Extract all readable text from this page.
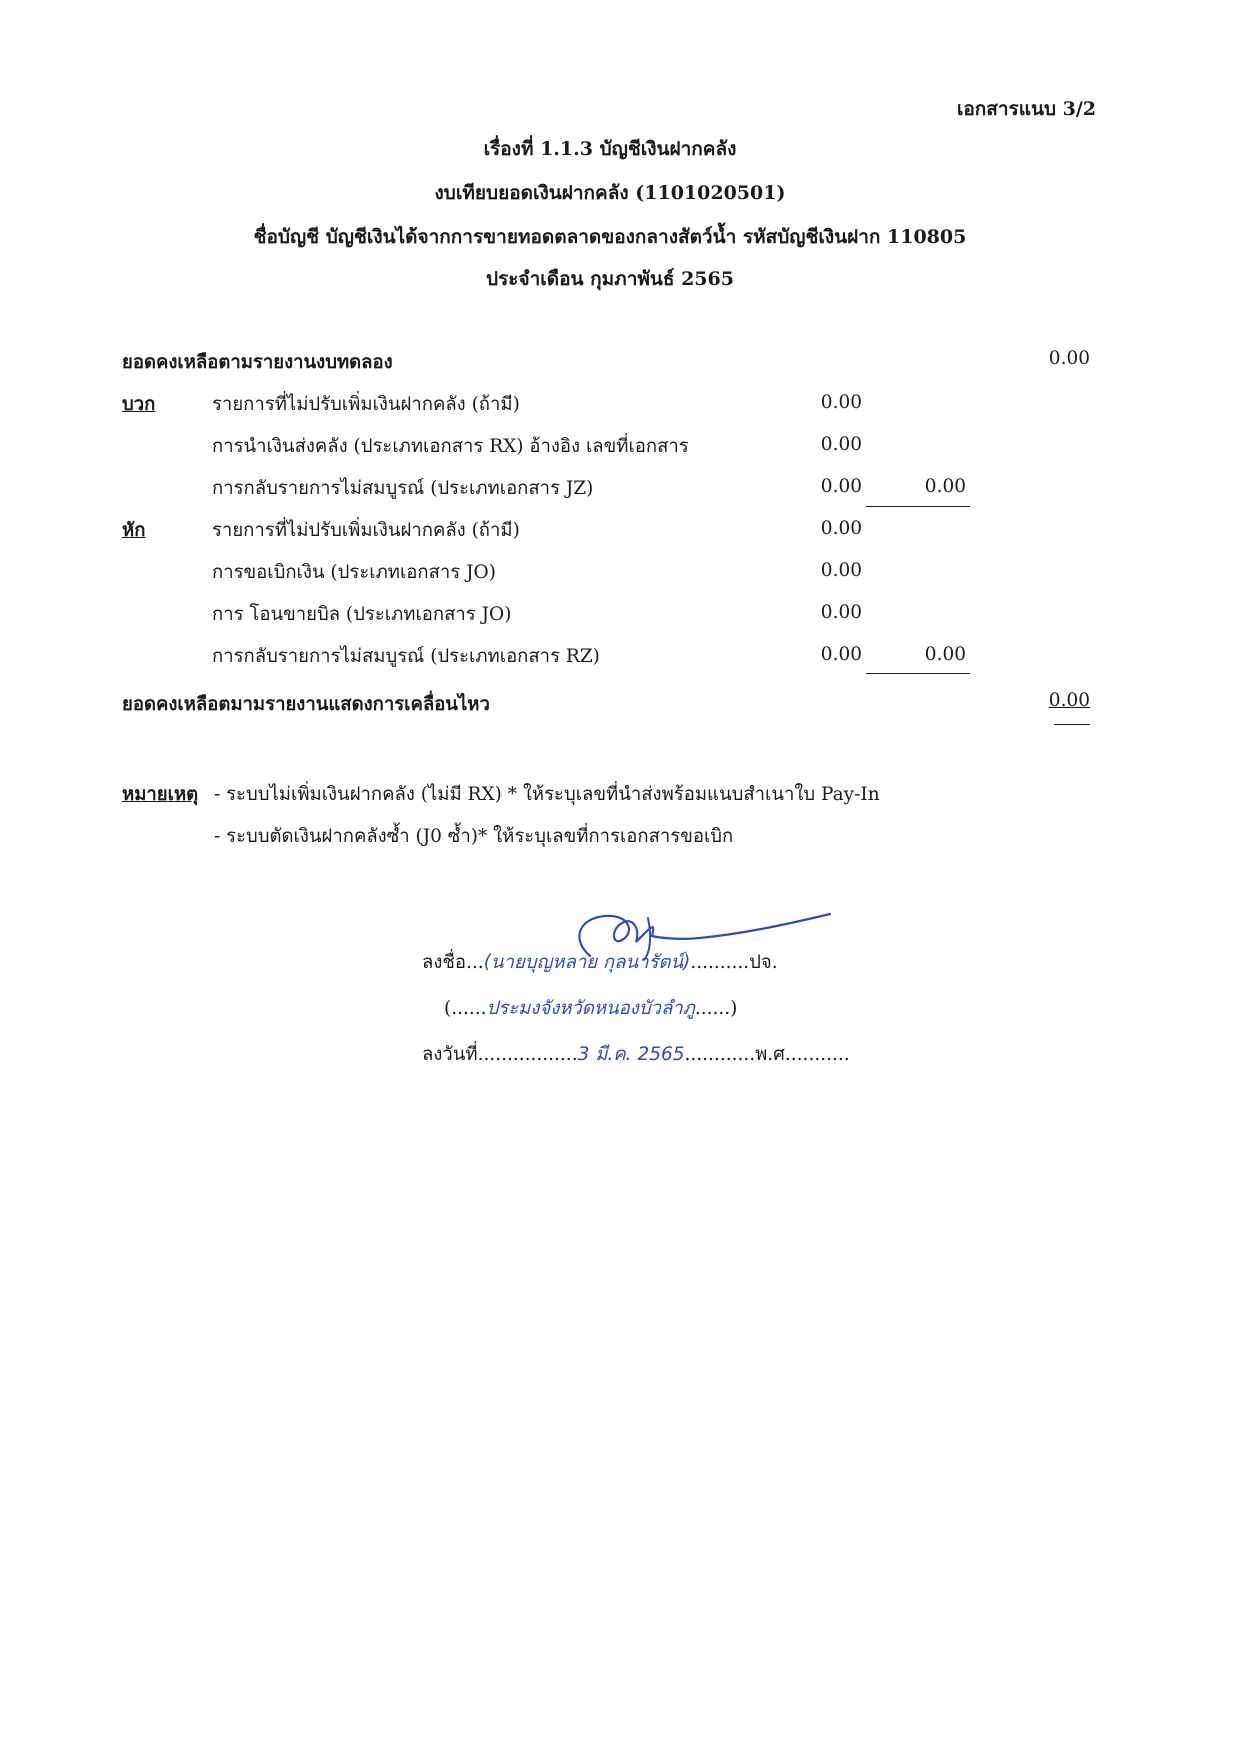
เอกสารแนบ 3/2
เรื่องที่ 1.1.3 บัญชีเงินฝากคลัง
งบเทียบยอดเงินฝากคลัง (1101020501)
ชื่อบัญชี บัญชีเงินได้จากการขายทอดตลาดของกลางสัตว์น้ำ รหัสบัญชีเงินฝาก 110805
ประจำเดือน กุมภาพันธ์ 2565
ยอดคงเหลือตามรายงานงบทดลอง	0.00
บวก	รายการที่ไม่ปรับเพิ่มเงินฝากคลัง (ถ้ามี)	0.00
การนำเงินส่งคลัง (ประเภทเอกสาร RX) อ้างอิง เลขที่เอกสาร	0.00
การกลับรายการไม่สมบูรณ์ (ประเภทเอกสาร JZ)	0.00	0.00
หัก	รายการที่ไม่ปรับเพิ่มเงินฝากคลัง (ถ้ามี)	0.00
การขอเบิกเงิน (ประเภทเอกสาร JO)	0.00
การ โอนขายบิล (ประเภทเอกสาร JO)	0.00
การกลับรายการไม่สมบูรณ์ (ประเภทเอกสาร RZ)	0.00	0.00
ยอดคงเหลือตมามรายงานแสดงการเคลื่อนไหว	0.00
หมายเหตุ - ระบบไม่เพิ่มเงินฝากคลัง (ไม่มี RX) * ให้ระบุเลขที่นำส่งพร้อมแนบสำเนาใบ Pay-In
- ระบบตัดเงินฝากคลังซ้ำ (J0 ซ้ำ)* ให้ระบุเลขที่การเอกสารขอเบิก
ลงชื่อ...(นายบุญหลาย กุลนารัตน์)..........ปจ.
(......ประมงจังหวัดหนองบัวลำภู......)
ลงวันที่.................3 มี.ค. 2565............พ.ศ...........
